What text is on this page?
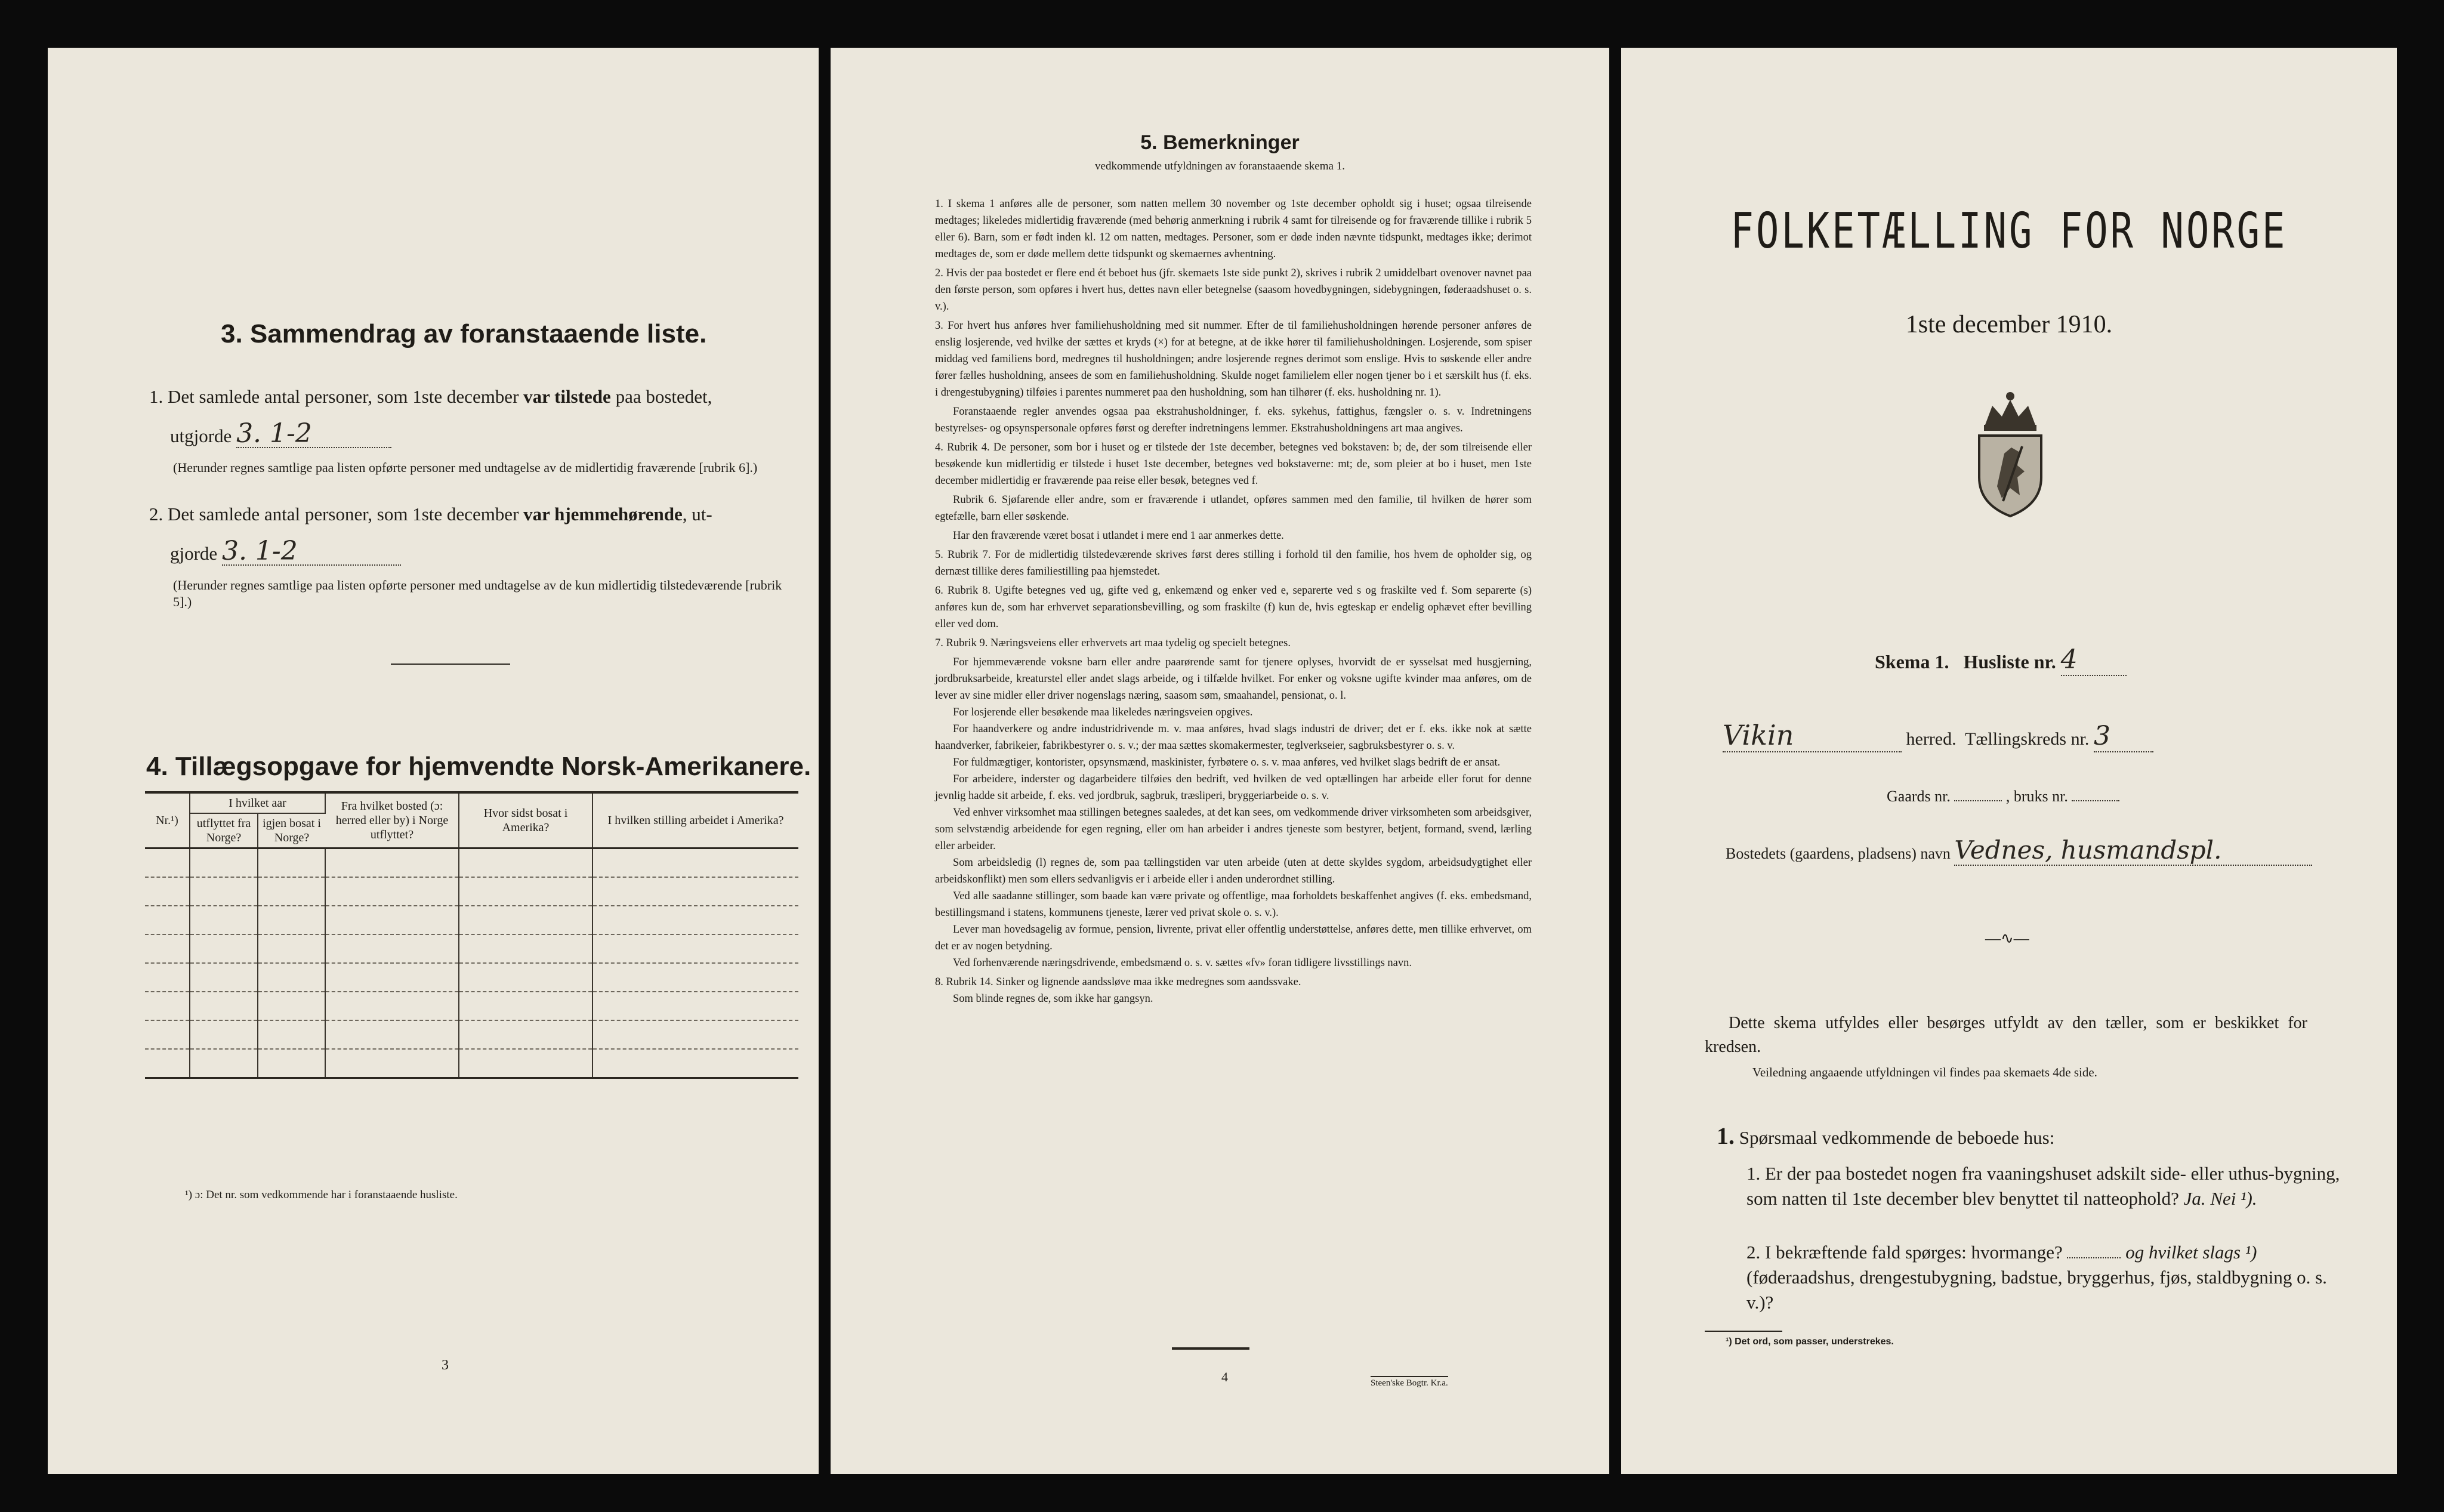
3. Sammendrag av foranstaaende liste.
1. Det samlede antal personer, som 1ste december var tilstede paa bostedet,
utgjorde 3. 1-2
(Herunder regnes samtlige paa listen opførte personer med undtagelse av de midlertidig fraværende [rubrik 6].)
2. Det samlede antal personer, som 1ste december var hjemmehørende, ut-
gjorde 3. 1-2
(Herunder regnes samtlige paa listen opførte personer med undtagelse av de kun midlertidig tilstedeværende [rubrik 5].)
4. Tillægsopgave for hjemvendte Norsk-Amerikanere.
Nr.¹)	I hvilket aar		Fra hvilket bosted (ɔ: herred eller by) i Norge utflyttet?	Hvor sidst bosat i Amerika?	I hvilken stilling arbeidet i Amerika?
	utflyttet fra Norge?	igjen bosat i Norge?			

¹) ɔ: Det nr. som vedkommende har i foranstaaende husliste.
3
5. Bemerkninger
vedkommende utfyldningen av foranstaaende skema 1.

1. I skema 1 anføres alle de personer, som natten mellem 30 november og 1ste december opholdt sig i huset; ogsaa tilreisende medtages; likeledes midlertidig fraværende (med behørig anmerkning i rubrik 4 samt for tilreisende og for fraværende tillike i rubrik 5 eller 6). Barn, som er født inden kl. 12 om natten, medtages. Personer, som er døde inden nævnte tidspunkt, medtages ikke; derimot medtages de, som er døde mellem dette tidspunkt og skemaernes avhentning.

2. Hvis der paa bostedet er flere end ét beboet hus (jfr. skemaets 1ste side punkt 2), skrives i rubrik 2 umiddelbart ovenover navnet paa den første person, som opføres i hvert hus, dettes navn eller betegnelse (saasom hovedbygningen, sidebygningen, føderaadshuset o. s. v.).

3. For hvert hus anføres hver familiehusholdning med sit nummer. Efter de til familiehusholdningen hørende personer anføres de enslig losjerende, ved hvilke der sættes et kryds (×) for at betegne, at de ikke hører til familiehusholdningen. Losjerende, som spiser middag ved familiens bord, medregnes til husholdningen; andre losjerende regnes derimot som enslige. Hvis to søskende eller andre fører fælles husholdning, ansees de som en familiehusholdning. Skulde noget familielem eller nogen tjener bo i et særskilt hus (f. eks. i drengestubygning) tilføies i parentes nummeret paa den husholdning, som han tilhører (f. eks. husholdning nr. 1).

Foranstaaende regler anvendes ogsaa paa ekstrahusholdninger, f. eks. sykehus, fattighus, fængsler o. s. v. Indretningens bestyrelses- og opsynspersonale opføres først og derefter indretningens lemmer. Ekstrahusholdningens art maa angives.

4. Rubrik 4. De personer, som bor i huset og er tilstede der 1ste december, betegnes ved bokstaven: b; de, der som tilreisende eller besøkende kun midlertidig er tilstede i huset 1ste december, betegnes ved bokstaverne: mt; de, som pleier at bo i huset, men 1ste december midlertidig er fraværende paa reise eller besøk, betegnes ved f.

Rubrik 6. Sjøfarende eller andre, som er fraværende i utlandet, opføres sammen med den familie, til hvilken de hører som egtefælle, barn eller søskende.

Har den fraværende været bosat i utlandet i mere end 1 aar anmerkes dette.

5. Rubrik 7. For de midlertidig tilstedeværende skrives først deres stilling i forhold til den familie, hos hvem de opholder sig, og dernæst tillike deres familiestilling paa hjemstedet.

6. Rubrik 8. Ugifte betegnes ved ug, gifte ved g, enkemænd og enker ved e, separerte ved s og fraskilte ved f. Som separerte (s) anføres kun de, som har erhvervet separationsbevilling, og som fraskilte (f) kun de, hvis egteskap er endelig ophævet efter bevilling eller ved dom.

7. Rubrik 9. Næringsveiens eller erhvervets art maa tydelig og specielt betegnes.

For hjemmeværende voksne barn eller andre paarørende samt for tjenere oplyses, hvorvidt de er sysselsat med husgjerning, jordbruksarbeide, kreaturstel eller andet slags arbeide, og i tilfælde hvilket. For enker og voksne ugifte kvinder maa anføres, om de lever av sine midler eller driver nogenslags næring, saasom søm, smaahandel, pensionat, o. l.

For losjerende eller besøkende maa likeledes næringsveien opgives.

For haandverkere og andre industridrivende m. v. maa anføres, hvad slags industri de driver; det er f. eks. ikke nok at sætte haandverker, fabrikeier, fabrikbestyrer o. s. v.; der maa sættes skomakermester, teglverkseier, sagbruksbestyrer o. s. v.

For fuldmægtiger, kontorister, opsynsmænd, maskinister, fyrbøtere o. s. v. maa anføres, ved hvilket slags bedrift de er ansat.

For arbeidere, inderster og dagarbeidere tilføies den bedrift, ved hvilken de ved optællingen har arbeide eller forut for denne jevnlig hadde sit arbeide, f. eks. ved jordbruk, sagbruk, træsliperi, bryggeriarbeide o. s. v.

Ved enhver virksomhet maa stillingen betegnes saaledes, at det kan sees, om vedkommende driver virksomheten som arbeidsgiver, som selvstændig arbeidende for egen regning, eller om han arbeider i andres tjeneste som bestyrer, betjent, formand, svend, lærling eller arbeider.

Som arbeidsledig (l) regnes de, som paa tællingstiden var uten arbeide (uten at dette skyldes sygdom, arbeidsudygtighet eller arbeidskonflikt) men som ellers sedvanligvis er i arbeide eller i anden underordnet stilling.

Ved alle saadanne stillinger, som baade kan være private og offentlige, maa forholdets beskaffenhet angives (f. eks. embedsmand, bestillingsmand i statens, kommunens tjeneste, lærer ved privat skole o. s. v.).

Lever man hovedsagelig av formue, pension, livrente, privat eller offentlig understøttelse, anføres dette, men tillike erhvervet, om det er av nogen betydning.

Ved forhenværende næringsdrivende, embedsmænd o. s. v. sættes «fv» foran tidligere livsstillings navn.

8. Rubrik 14. Sinker og lignende aandssløve maa ikke medregnes som aandssvake.

Som blinde regnes de, som ikke har gangsyn.

4	Steen'ske Bogtr. Kr.a.
FOLKETÆLLING FOR NORGE
1ste december 1910.
Skema 1. Husliste nr. 4
Vikin	herred. Tællingskreds nr. 3
Gaards nr.	, bruks nr.
Bostedets (gaardens, pladsens) navn Vednes, husmandspl.
―∿―
Dette skema utfyldes eller besørges utfyldt av den tæller, som er beskikket for kredsen.
Veiledning angaaende utfyldningen vil findes paa skemaets 4de side.
1. Spørsmaal vedkommende de beboede hus:
1. Er der paa bostedet nogen fra vaaningshuset adskilt side- eller uthus-bygning, som natten til 1ste december blev benyttet til natteophold? Ja. Nei ¹).
2. I bekræftende fald spørges: hvormange?	og hvilket slags ¹) (føderaadshus, drengestubygning, badstue, bryggerhus, fjøs, staldbygning o. s. v.)?
¹) Det ord, som passer, understrekes.
